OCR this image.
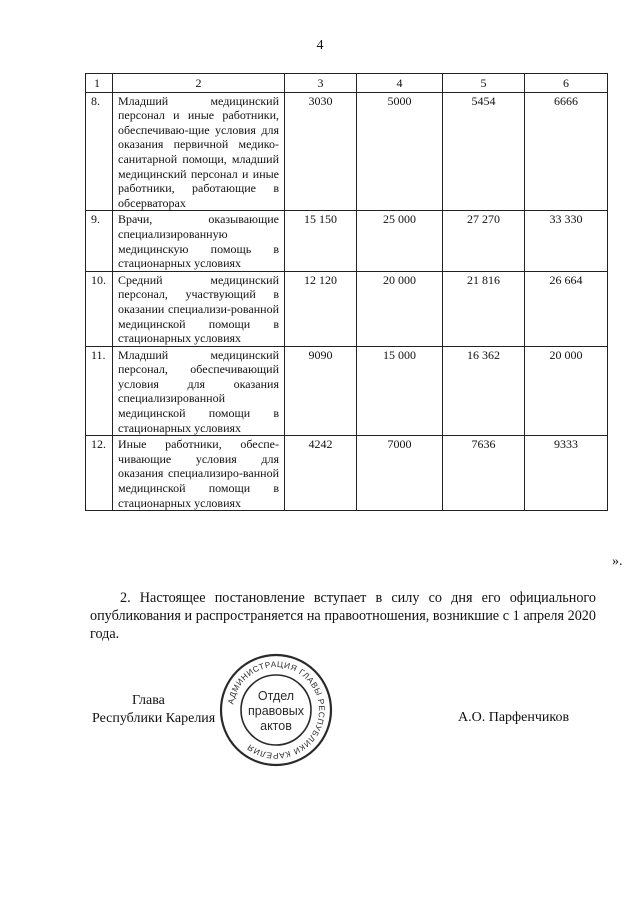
4
1	2	3	4	5	6
8.	Младший медицинский персонал и иные работники, обеспечиваю-щие условия для оказания первичной медико-санитарной помощи, младший медицинский персонал и иные работники, работающие в обсерваторах	3030	5000	5454	6666
9.	Врачи, оказывающие специализированную медицинскую помощь в стационарных условиях	15 150	25 000	27 270	33 330
10.	Средний медицинский персонал, участвующий в оказании специализи-рованной медицинской помощи в стационарных условиях	12 120	20 000	21 816	26 664
11.	Младший медицинский персонал, обеспечивающий условия для оказания специализированной медицинской помощи в стационарных условиях	9090	15 000	16 362	20 000
12.	Иные работники, обеспе-чивающие условия для оказания специализиро-ванной медицинской помощи в стационарных условиях	4242	7000	7636	9333
».
2. Настоящее постановление вступает в силу со дня его официального опубликования и распространяется на правоотношения, возникшие с 1 апреля 2020 года.
Глава
Республики Карелия
АДМИНИСТРАЦИЯ ГЛАВЫ РЕСПУБЛИКИ КАРЕЛИЯ
Отдел
правовых
актов
А.О. Парфенчиков
